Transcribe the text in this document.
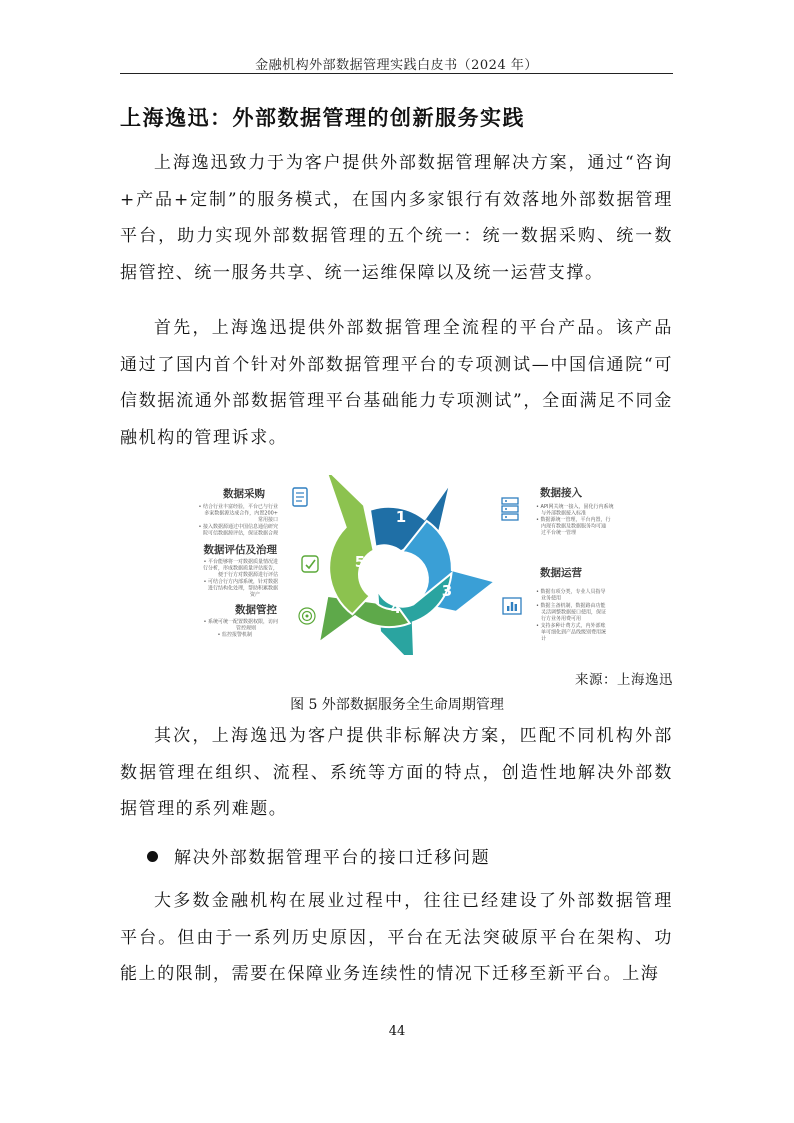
金融机构外部数据管理实践白皮书（2024 年）
上海逸迅：外部数据管理的创新服务实践

上海逸迅致力于为客户提供外部数据管理解决方案，通过“咨询+产品+定制”的服务模式，在国内多家银行有效落地外部数据管理平台，助力实现外部数据管理的五个统一：统一数据采购、统一数据管控、统一服务共享、统一运维保障以及统一运营支撑。

首先，上海逸迅提供外部数据管理全流程的平台产品。该产品通过了国内首个针对外部数据管理平台的专项测试—中国信通院“可信数据流通外部数据管理平台基础能力专项测试”，全面满足不同金融机构的管理诉求。

数据采购
• 结合行业丰富经验，平台已与行业
多家数据源达成合作，内置200+
常用接口
• 接入数据源通过中国信息通信研究
院可信数据源评估，保证数据合规
数据评估及治理
• 平台能够将一对数据质量情况进
行分析，形成数据质量评估报告，
便于行方对数据源进行评估
• 可结合行方内部系统，针对数据
进行结构化处理，帮助积累数据
资产
数据管控
• 系统可统一配置数据权限，访问
管控规则
• 监控报警机制
1
2
3
4
5
数据接入
• API网关统一接入，固化行内系统
与外部数据接入标准
• 数据源统一管理，平台内置，行
内现有数据及数据服务均可通
过平台统一管理
数据运营
• 数据有项分类，专业人员指导
业务使用
• 数据主备机制，数据路由功能
灵活调整数据接口使用，保证
行方业务用费可用
• 支持多种计费方式，内外部账
单可细化到产品线级别费用统
计
来源：上海逸迅
图 5 外部数据服务全生命周期管理

其次，上海逸迅为客户提供非标解决方案，匹配不同机构外部数据管理在组织、流程、系统等方面的特点，创造性地解决外部数据管理的系列难题。

解决外部数据管理平台的接口迁移问题

大多数金融机构在展业过程中，往往已经建设了外部数据管理平台。但由于一系列历史原因，平台在无法突破原平台在架构、功能上的限制，需要在保障业务连续性的情况下迁移至新平台。上海

44
